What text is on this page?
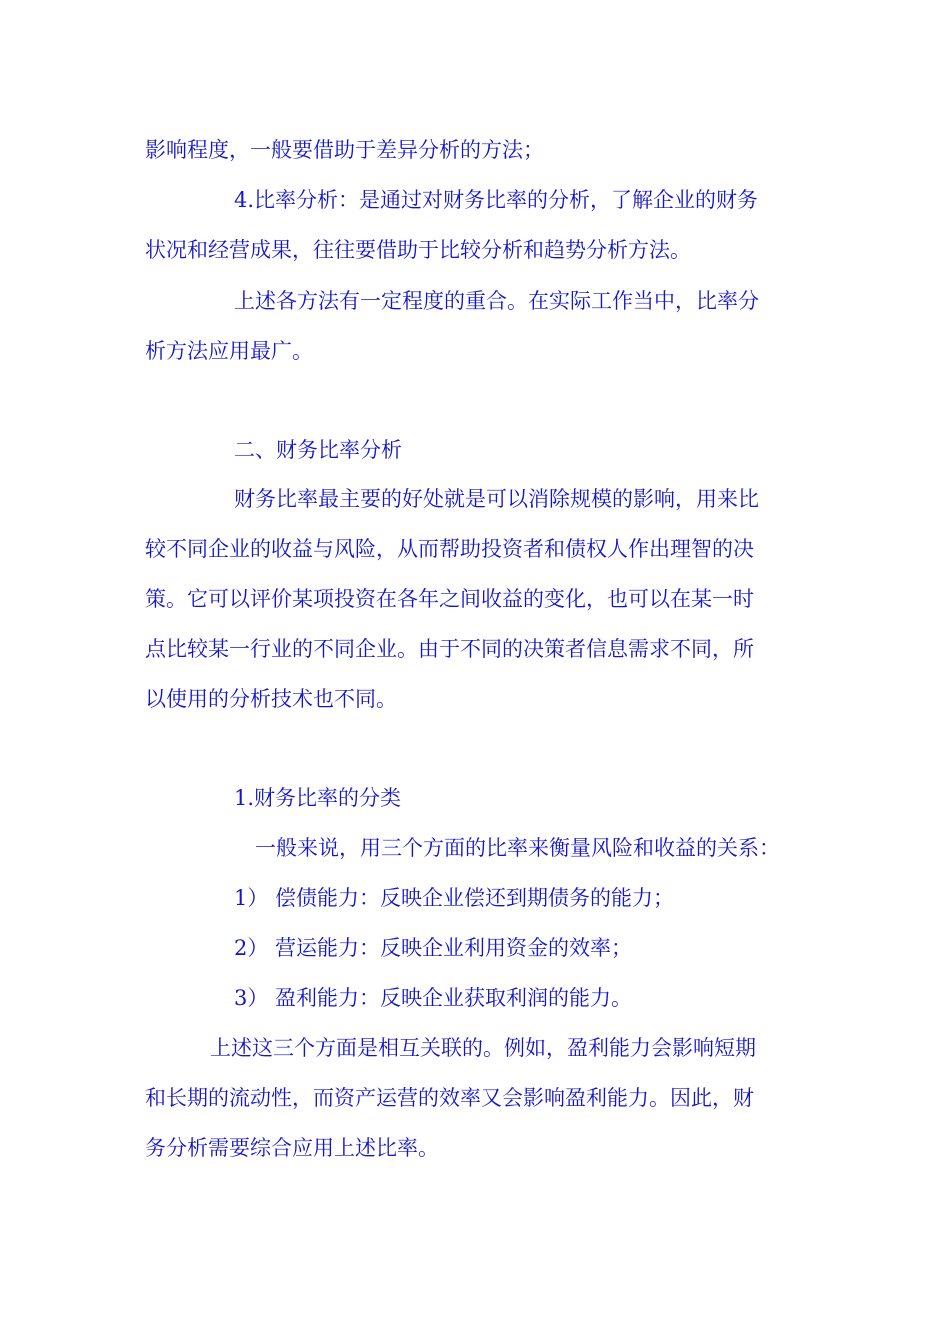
影响程度，一般要借助于差异分析的方法；

4.比率分析：是通过对财务比率的分析，了解企业的财务

状况和经营成果，往往要借助于比较分析和趋势分析方法。

上述各方法有一定程度的重合。在实际工作当中，比率分

析方法应用最广。

二、财务比率分析

财务比率最主要的好处就是可以消除规模的影响，用来比

较不同企业的收益与风险，从而帮助投资者和债权人作出理智的决

策。它可以评价某项投资在各年之间收益的变化，也可以在某一时

点比较某一行业的不同企业。由于不同的决策者信息需求不同，所

以使用的分析技术也不同。

1.财务比率的分类

一般来说，用三个方面的比率来衡量风险和收益的关系：

1） 偿债能力：反映企业偿还到期债务的能力；

2） 营运能力：反映企业利用资金的效率；

3） 盈利能力：反映企业获取利润的能力。

上述这三个方面是相互关联的。例如，盈利能力会影响短期

和长期的流动性，而资产运营的效率又会影响盈利能力。因此，财

务分析需要综合应用上述比率。
